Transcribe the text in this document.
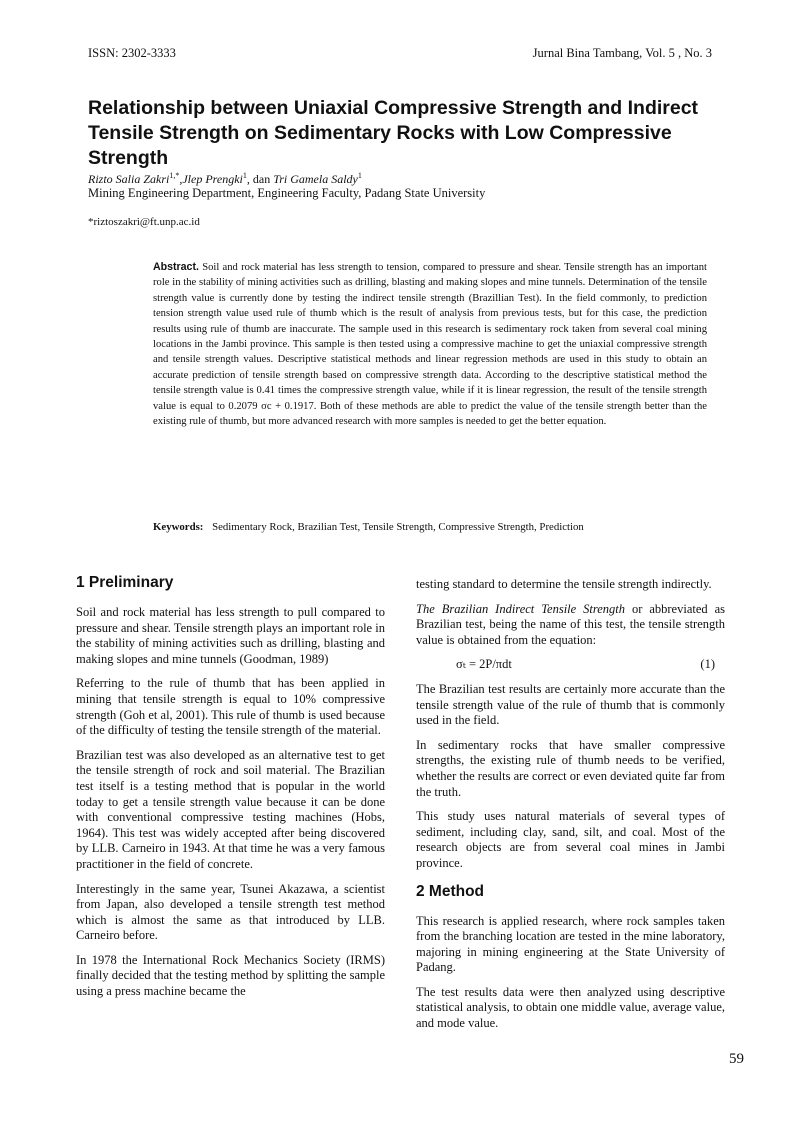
ISSN: 2302-3333	Jurnal Bina Tambang, Vol. 5 , No. 3
Relationship between Uniaxial Compressive Strength and Indirect Tensile Strength on Sedimentary Rocks with Low Compressive Strength
Rizto Salia Zakri$^{1,*}$,Jlep Prengki$^1$, dan Tri Gamela Saldy$^1$
Mining Engineering Department, Engineering Faculty, Padang State University
*riztoszakri@ft.unp.ac.id
Abstract. Soil and rock material has less strength to tension, compared to pressure and shear. Tensile strength has an important role in the stability of mining activities such as drilling, blasting and making slopes and mine tunnels. Determination of the tensile strength value is currently done by testing the indirect tensile strength (Brazillian Test). In the field commonly, to prediction tension strength value used rule of thumb which is the result of analysis from previous tests, but for this case, the prediction results using rule of thumb are inaccurate. The sample used in this research is sedimentary rock taken from several coal mining locations in the Jambi province. This sample is then tested using a compressive machine to get the uniaxial compressive strength and tensile strength values. Descriptive statistical methods and linear regression methods are used in this study to obtain an accurate prediction of tensile strength based on compressive strength data. According to the descriptive statistical method the tensile strength value is 0.41 times the compressive strength value, while if it is linear regression, the result of the tensile strength value is equal to 0.2079 σc + 0.1917. Both of these methods are able to predict the value of the tensile strength better than the existing rule of thumb, but more advanced research with more samples is needed to get the better equation.
Keywords: Sedimentary Rock, Brazilian Test, Tensile Strength, Compressive Strength, Prediction
1 Preliminary

Soil and rock material has less strength to pull compared to pressure and shear. Tensile strength plays an important role in the stability of mining activities such as drilling, blasting and making slopes and mine tunnels (Goodman, 1989)

Referring to the rule of thumb that has been applied in mining that tensile strength is equal to 10% compressive strength (Goh et al, 2001). This rule of thumb is used because of the difficulty of testing the tensile strength of the material.

Brazilian test was also developed as an alternative test to get the tensile strength of rock and soil material. The Brazilian test itself is a testing method that is popular in the world today to get a tensile strength value because it can be done with conventional compressive testing machines (Hobs, 1964). This test was widely accepted after being discovered by LLB. Carneiro in 1943. At that time he was a very famous practitioner in the field of concrete.

Interestingly in the same year, Tsunei Akazawa, a scientist from Japan, also developed a tensile strength test method which is almost the same as that introduced by LLB. Carneiro before.

In 1978 the International Rock Mechanics Society (IRMS) finally decided that the testing method by splitting the sample using a press machine became the

testing standard to determine the tensile strength indirectly.

The Brazilian Indirect Tensile Strength or abbreviated as Brazilian test, being the name of this test, the tensile strength value is obtained from the equation:

σₜ = 2P/πdt	(1)

The Brazilian test results are certainly more accurate than the tensile strength value of the rule of thumb that is commonly used in the field.

In sedimentary rocks that have smaller compressive strengths, the existing rule of thumb needs to be verified, whether the results are correct or even deviated quite far from the truth.

This study uses natural materials of several types of sediment, including clay, sand, silt, and coal. Most of the research objects are from several coal mines in Jambi province.

2 Method

This research is applied research, where rock samples taken from the branching location are tested in the mine laboratory, majoring in mining engineering at the State University of Padang.

The test results data were then analyzed using descriptive statistical analysis, to obtain one middle value, average value, and mode value.

59
